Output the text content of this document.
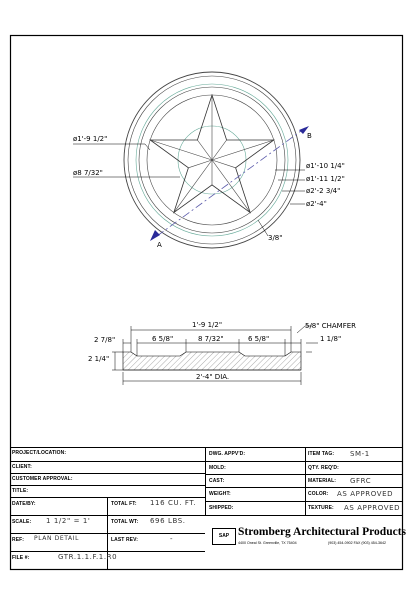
A
B
ø1'-9 1/2"
ø8 7/32"
ø1'-10 1/4"
ø1'-11 1/2"
ø2'-2 3/4"
ø2'-4"
3/8"
1'-9 1/2"	5/8" CHAMFER
2 7/8"	6 5/8"	8 7/32"	6 5/8"	1 1/8"
2 1/4"
2'-4" DIA.
PROJECT/LOCATION:
CLIENT:
CUSTOMER APPROVAL:
TITLE:
DATE/BY:
SCALE: 1 1/2" = 1'
REF: PLAN DETAIL
FILE #:	GTR.1.1.F.1.R0
TOTAL FT: 116 CU. FT.
TOTAL WT: 696 LBS.
LAST REV:	-
DWG. APPV'D:
MOLD:
CAST:
WEIGHT:
SHIPPED:
ITEM TAG: SM-1
QTY. REQ'D:
MATERIAL: GFRC
COLOR: AS APPROVED
TEXTURE: AS APPROVED
SAP Stromberg Architectural Products
4400 Oneal St. Greenville, TX 75404	(903) 454-0902 FAX (903) 454-3642
